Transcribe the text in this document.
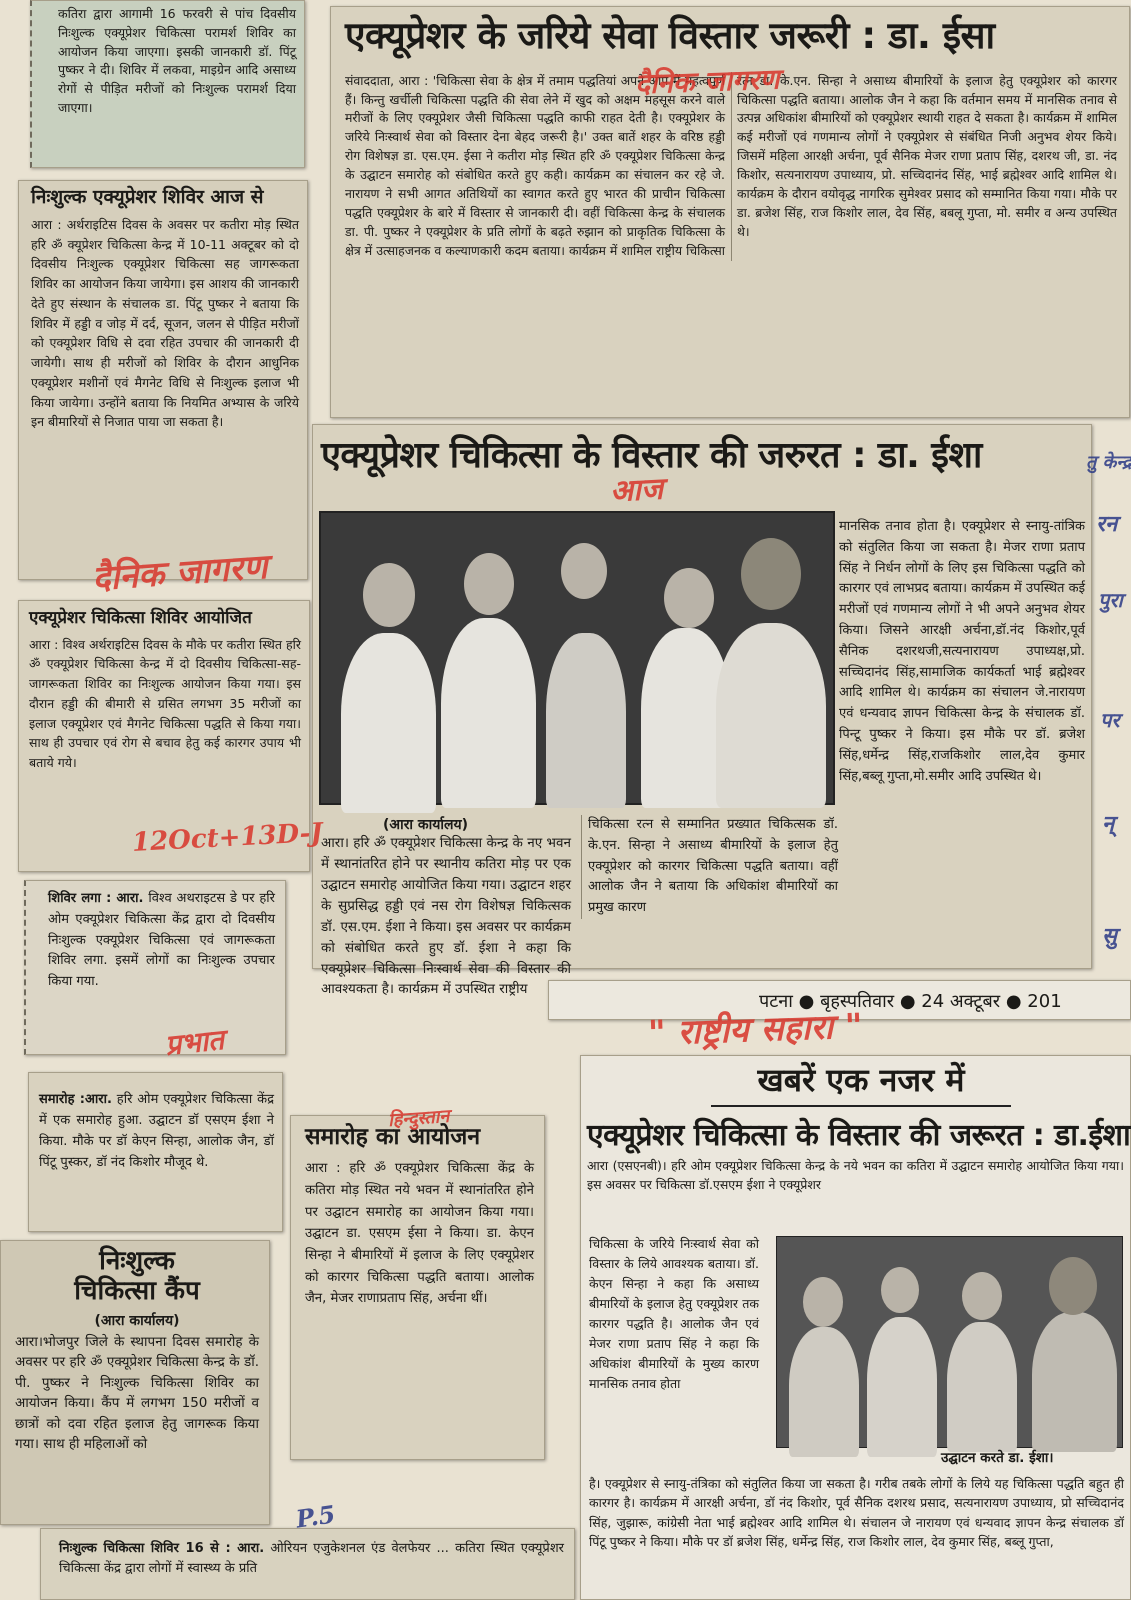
कतिरा द्वारा आगामी 16 फरवरी से पांच दिवसीय निःशुल्क एक्यूप्रेशर चिकित्सा परामर्श शिविर का आयोजन किया जाएगा। इसकी जानकारी डॉ. पिंटू पुष्कर ने दी। शिविर में लकवा, माइग्रेन आदि असाध्य रोगों से पीड़ित मरीजों को निःशुल्क परामर्श दिया जाएगा।

निःशुल्क एक्यूप्रेशर शिविर आज से

आरा : अर्थराइटिस दिवस के अवसर पर कतीरा मोड़ स्थित हरि ॐ क्यूप्रेशर चिकित्सा केन्द्र में 10-11 अक्टूबर को दो दिवसीय निःशुल्क एक्यूप्रेशर चिकित्सा सह जागरूकता शिविर का आयोजन किया जायेगा। इस आशय की जानकारी देते हुए संस्थान के संचालक डा. पिंटू पुष्कर ने बताया कि शिविर में हड्डी व जोड़ में दर्द, सूजन, जलन से पीड़ित मरीजों को एक्यूप्रेशर विधि से दवा रहित उपचार की जानकारी दी जायेगी। साथ ही मरीजों को शिविर के दौरान आधुनिक एक्यूप्रेशर मशीनों एवं मैगनेट विधि से निःशुल्क इलाज भी किया जायेगा। उन्होंने बताया कि नियमित अभ्यास के जरिये इन बीमारियों से निजात पाया जा सकता है।

दैनिक जागरण

एक्यूप्रेशर चिकित्सा शिविर आयोजित

आरा : विश्व अर्थराइटिस दिवस के मौके पर कतीरा स्थित हरि ॐ एक्यूप्रेशर चिकित्सा केन्द्र में दो दिवसीय चिकित्सा-सह-जागरूकता शिविर का निःशुल्क आयोजन किया गया। इस दौरान हड्डी की बीमारी से ग्रसित लगभग 35 मरीजों का इलाज एक्यूप्रेशर एवं मैगनेट चिकित्सा पद्धति से किया गया। साथ ही उपचार एवं रोग से बचाव हेतु कई कारगर उपाय भी बताये गये।

12Oct+13D-J

शिविर लगा : आरा. विश्व अथराइटस डे पर हरि ओम एक्यूप्रेशर चिकित्सा केंद्र द्वारा दो दिवसीय निःशुल्क एक्यूप्रेशर चिकित्सा एवं जागरूकता शिविर लगा. इसमें लोगों का निःशुल्क उपचार किया गया.

प्रभात

समारोह :आरा. हरि ओम एक्यूप्रेशर चिकित्सा केंद्र में एक समारोह हुआ. उद्घाटन डॉ एसएम ईशा ने किया. मौके पर डॉ केएन सिन्हा, आलोक जैन, डॉ पिंटू पुस्कर, डॉ नंद किशोर मौजूद थे.

निःशुल्क

चिकित्सा कैंप

(आरा कार्यालय)

आरा।भोजपुर जिले के स्थापना दिवस समारोह के अवसर पर हरि ॐ एक्यूप्रेशर चिकित्सा केन्द्र के डॉ. पी. पुष्कर ने निःशुल्क चिकित्सा शिविर का आयोजन किया। कैंप में लगभग 150 मरीजों व छात्रों को दवा रहित इलाज हेतु जागरूक किया गया। साथ ही महिलाओं को

निःशुल्क चिकित्सा शिविर 16 से : आरा. ओरियन एजुकेशनल एंड वेलफेयर ... कतिरा स्थित एक्यूप्रेशर चिकित्सा केंद्र द्वारा लोगों में स्वास्थ्य के प्रति

P.5

एक्यूप्रेशर के जरिये सेवा विस्तार जरूरी : डा. ईसा

संवाददाता, आरा : 'चिकित्सा सेवा के क्षेत्र में तमाम पद्धतियां अपने आप में महत्वपूर्ण हैं। किन्तु खर्चीली चिकित्सा पद्धति की सेवा लेने में खुद को अक्षम महसूस करने वाले मरीजों के लिए एक्यूप्रेशर जैसी चिकित्सा पद्धति काफी राहत देती है। एक्यूप्रेशर के जरिये निःस्वार्थ सेवा को विस्तार देना बेहद जरूरी है।' उक्त बातें शहर के वरिष्ठ हड्डी रोग विशेषज्ञ डा. एस.एम. ईसा ने कतीरा मोड़ स्थित हरि ॐ एक्यूप्रेशर चिकित्सा केन्द्र के उद्घाटन समारोह को संबोधित करते हुए कही। कार्यक्रम का संचालन कर रहे जे. नारायण ने सभी आगत अतिथियों का स्वागत करते हुए भारत की प्राचीन चिकित्सा पद्धति एक्यूप्रेशर के बारे में विस्तार से जानकारी दी। वहीं चिकित्सा केन्द्र के संचालक डा. पी. पुष्कर ने एक्यूप्रेशर के प्रति लोगों के बढ़ते रुझान को प्राकृतिक चिकित्सा के क्षेत्र में उत्साहजनक व कल्याणकारी कदम बताया। कार्यक्रम में शामिल राष्ट्रीय चिकित्सा रत्न डा. के.एन. सिन्हा ने असाध्य बीमारियों के इलाज हेतु एक्यूप्रेशर को कारगर चिकित्सा पद्धति बताया। आलोक जैन ने कहा कि वर्तमान समय में मानसिक तनाव से उत्पन्न अधिकांश बीमारियों को एक्यूप्रेशर स्थायी राहत दे सकता है। कार्यक्रम में शामिल कई मरीजों एवं गणमान्य लोगों ने एक्यूप्रेशर से संबंधित निजी अनुभव शेयर किये। जिसमें महिला आरक्षी अर्चना, पूर्व सैनिक मेजर राणा प्रताप सिंह, दशरथ जी, डा. नंद किशोर, सत्यनारायण उपाध्याय, प्रो. सच्चिदानंद सिंह, भाई ब्रह्मेश्वर आदि शामिल थे। कार्यक्रम के दौरान वयोवृद्ध नागरिक सुमेश्वर प्रसाद को सम्मानित किया गया। मौके पर डा. ब्रजेश सिंह, राज किशोर लाल, देव सिंह, बबलू गुप्ता, मो. समीर व अन्य उपस्थित थे।

दैनिक जागरण

एक्यूप्रेशर चिकित्सा के विस्तार की जरुरत : डा. ईशा

मानसिक तनाव होता है। एक्यूप्रेशर से स्नायु-तांत्रिक को संतुलित किया जा सकता है। मेजर राणा प्रताप सिंह ने निर्धन लोगों के लिए इस चिकित्सा पद्धति को कारगर एवं लाभप्रद बताया। कार्यक्रम में उपस्थित कई मरीजों एवं गणमान्य लोगों ने भी अपने अनुभव शेयर किया। जिसने आरक्षी अर्चना,डॉ.नंद किशोर,पूर्व सैनिक दशरथजी,सत्यनारायण उपाध्यक्ष,प्रो. सच्चिदानंद सिंह,सामाजिक कार्यकर्ता भाई ब्रह्मेश्वर आदि शामिल थे। कार्यक्रम का संचालन जे.नारायण एवं धन्यवाद ज्ञापन चिकित्सा केन्द्र के संचालक डॉ. पिन्टू पुष्कर ने किया। इस मौके पर डॉ. ब्रजेश सिंह,धर्मेन्द्र सिंह,राजकिशोर लाल,देव कुमार सिंह,बब्लू गुप्ता,मो.समीर आदि उपस्थित थे।

(आरा कार्यालय)

आरा। हरि ॐ एक्यूप्रेशर चिकित्सा केन्द्र के नए भवन में स्थानांतरित होने पर स्थानीय कतिरा मोड़ पर एक उद्घाटन समारोह आयोजित किया गया। उद्घाटन शहर के सुप्रसिद्ध हड्डी एवं नस रोग विशेषज्ञ चिकित्सक डॉ. एस.एम. ईशा ने किया। इस अवसर पर कार्यक्रम को संबोधित करते हुए डॉ. ईशा ने कहा कि एक्यूप्रेशर चिकित्सा निःस्वार्थ सेवा की विस्तार की आवश्यकता है। कार्यक्रम में उपस्थित राष्ट्रीय

चिकित्सा रत्न से सम्मानित प्रख्यात चिकित्सक डॉ. के.एन. सिन्हा ने असाध्य बीमारियों के इलाज हेतु एक्यूप्रेशर को कारगर चिकित्सा पद्धति बताया। वहीं आलोक जैन ने बताया कि अधिकांश बीमारियों का प्रमुख कारण

आज

समारोह का आयोजन

आरा : हरि ॐ एक्यूप्रेशर चिकित्सा केंद्र के कतिरा मोड़ स्थित नये भवन में स्थानांतरित होने पर उद्घाटन समारोह का आयोजन किया गया। उद्घाटन डा. एसएम ईसा ने किया। डा. केएन सिन्हा ने बीमारियों में इलाज के लिए एक्यूप्रेशर को कारगर चिकित्सा पद्धति बताया। आलोक जैन, मेजर राणाप्रताप सिंह, अर्चना थीं।

हिन्दुस्तान

पटना ● बृहस्पतिवार ● 24 अक्टूबर ● 201

" राष्ट्रीय सहारा "

खबरें एक नजर में

एक्यूप्रेशर चिकित्सा के विस्तार की जरूरत : डा.ईशा

आरा (एसएनबी)। हरि ओम एक्यूप्रेशर चिकित्सा केन्द्र के नये भवन का कतिरा में उद्घाटन समारोह आयोजित किया गया। इस अवसर पर चिकित्सा डॉ.एसएम ईशा ने एक्यूप्रेशर

चिकित्सा के जरिये निःस्वार्थ सेवा को विस्तार के लिये आवश्यक बताया। डॉ. केएन सिन्हा ने कहा कि असाध्य बीमारियों के इलाज हेतु एक्यूप्रेशर तक कारगर पद्धति है। आलोक जैन एवं मेजर राणा प्रताप सिंह ने कहा कि अधिकांश बीमारियों के मुख्य कारण मानसिक तनाव होता

उद्घाटन करते डा. ईशा।

है। एक्यूप्रेशर से स्नायु-तंत्रिका को संतुलित किया जा सकता है। गरीब तबके लोगों के लिये यह चिकित्सा पद्धति बहुत ही कारगर है। कार्यक्रम में आरक्षी अर्चना, डॉ नंद किशोर, पूर्व सैनिक दशरथ प्रसाद, सत्यनारायण उपाध्याय, प्रो सच्चिदानंद सिंह, जुझारू, कांग्रेसी नेता भाई ब्रह्मेश्वर आदि शामिल थे। संचालन जे नारायण एवं धन्यवाद ज्ञापन केन्द्र संचालक डॉ पिंटू पुष्कर ने किया। मौके पर डॉ ब्रजेश सिंह, धर्मेन्द्र सिंह, राज किशोर लाल, देव कुमार सिंह, बब्लू गुप्ता,

तु केन्द्र
रन
पुरा
पर
न्
सु
